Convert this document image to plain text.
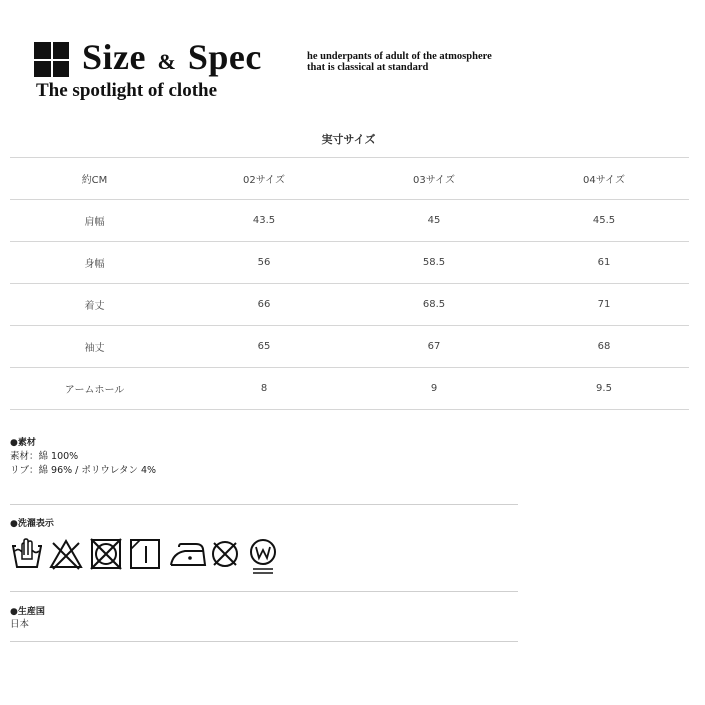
Size & Spec
The spotlight of clothe
he underpants of adult of the atmosphere
that is classical at standard
実寸サイズ
約CM	02サイズ	03サイズ	04サイズ
肩幅	43.5	45	45.5
身幅	56	58.5	61
着丈	66	68.5	71
袖丈	65	67	68
アームホール	8	9	9.5
●素材
素材：綿 100%
リブ：綿 96% / ポリウレタン 4%
●洗濯表示
●生産国
日本
